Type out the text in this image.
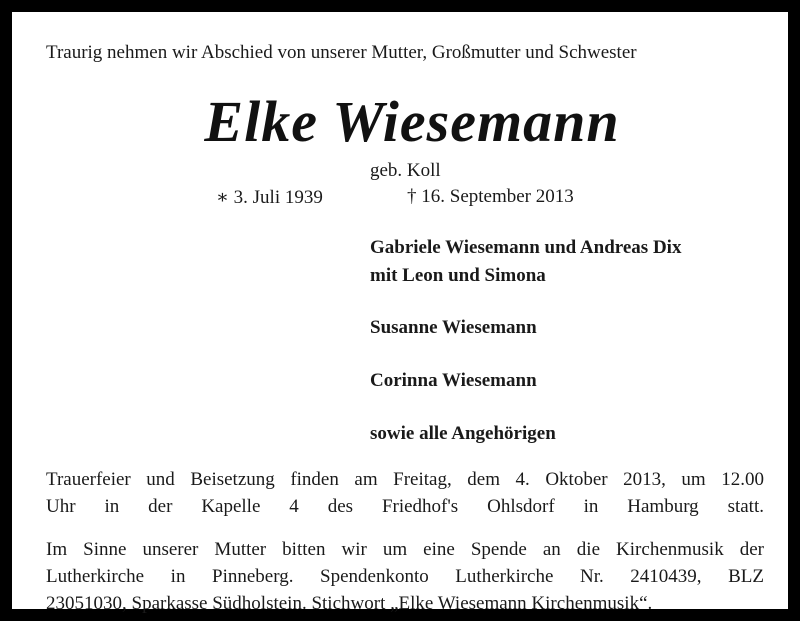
Traurig nehmen wir Abschied von unserer Mutter, Großmutter und Schwester
Elke Wiesemann
geb. Koll
∗ 3. Juli 1939	† 16. September 2013
Gabriele Wiesemann und Andreas Dix
mit Leon und Simona
Susanne Wiesemann
Corinna Wiesemann
sowie alle Angehörigen
Trauerfeier und Beisetzung finden am Freitag, dem 4. Oktober 2013, um 12.00
Uhr in der Kapelle 4 des Friedhof's Ohlsdorf in Hamburg statt.
Im Sinne unserer Mutter bitten wir um eine Spende an die Kirchenmusik der
Lutherkirche in Pinneberg. Spendenkonto Lutherkirche Nr. 2410439, BLZ
23051030, Sparkasse Südholstein. Stichwort „Elke Wiesemann Kirchenmusik“.
